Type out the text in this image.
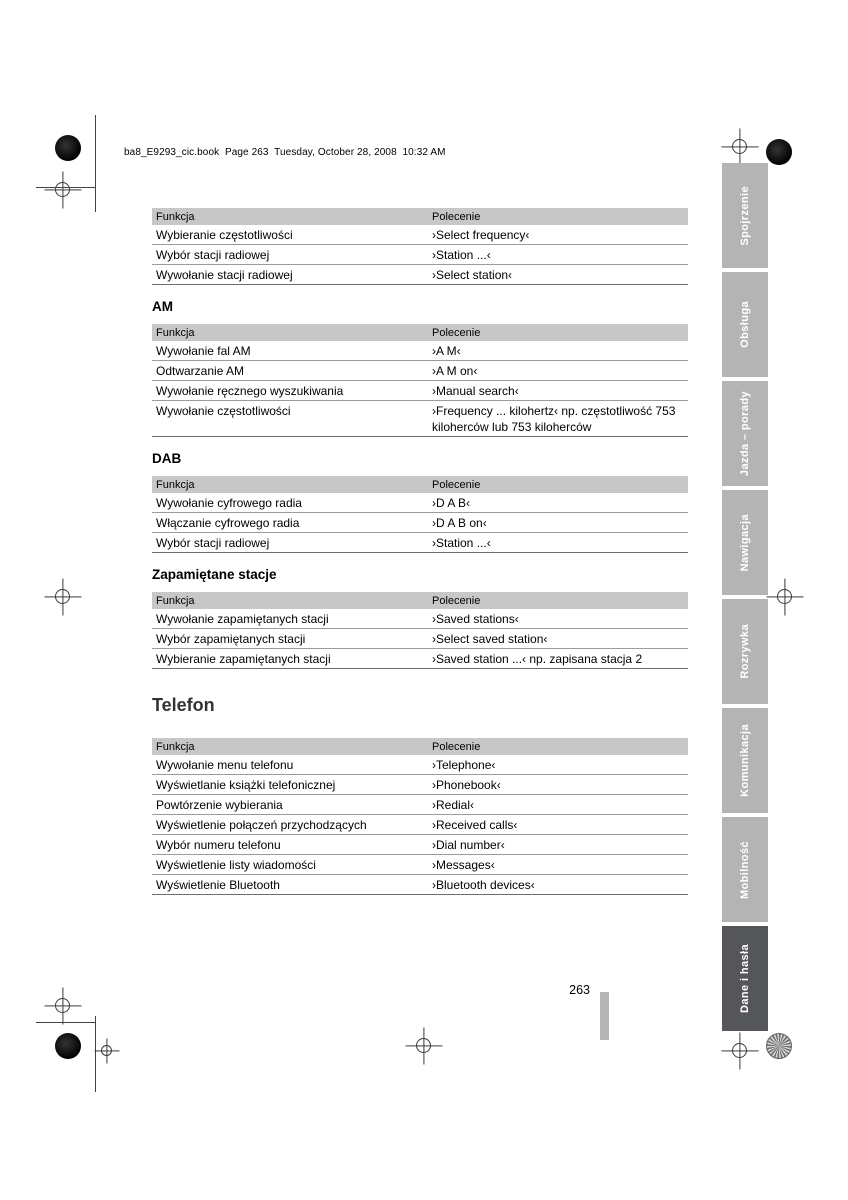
ba8_E9293_cic.book  Page 263  Tuesday, October 28, 2008  10:32 AM
Funkcja	Polecenie
Wybieranie częstotliwości	›Select frequency‹
Wybór stacji radiowej	›Station ...‹
Wywołanie stacji radiowej	›Select station‹
AM
Funkcja	Polecenie
Wywołanie fal AM	›A M‹
Odtwarzanie AM	›A M on‹
Wywołanie ręcznego wyszukiwania	›Manual search‹
Wywołanie częstotliwości	›Frequency ... kilohertz‹ np. częstotliwość 753 kiloherców lub 753 kiloherców
DAB
Funkcja	Polecenie
Wywołanie cyfrowego radia	›D A B‹
Włączanie cyfrowego radia	›D A B on‹
Wybór stacji radiowej	›Station ...‹
Zapamiętane stacje
Funkcja	Polecenie
Wywołanie zapamiętanych stacji	›Saved stations‹
Wybór zapamiętanych stacji	›Select saved station‹
Wybieranie zapamiętanych stacji	›Saved station ...‹ np. zapisana stacja 2
Telefon
Funkcja	Polecenie
Wywołanie menu telefonu	›Telephone‹
Wyświetlanie książki telefonicznej	›Phonebook‹
Powtórzenie wybierania	›Redial‹
Wyświetlenie połączeń przychodzących	›Received calls‹
Wybór numeru telefonu	›Dial number‹
Wyświetlenie listy wiadomości	›Messages‹
Wyświetlenie Bluetooth	›Bluetooth devices‹
263
Spojrzenie
Obsługa
Jazda – porady
Nawigacja
Rozrywka
Komunikacja
Mobilność
Dane i hasła
